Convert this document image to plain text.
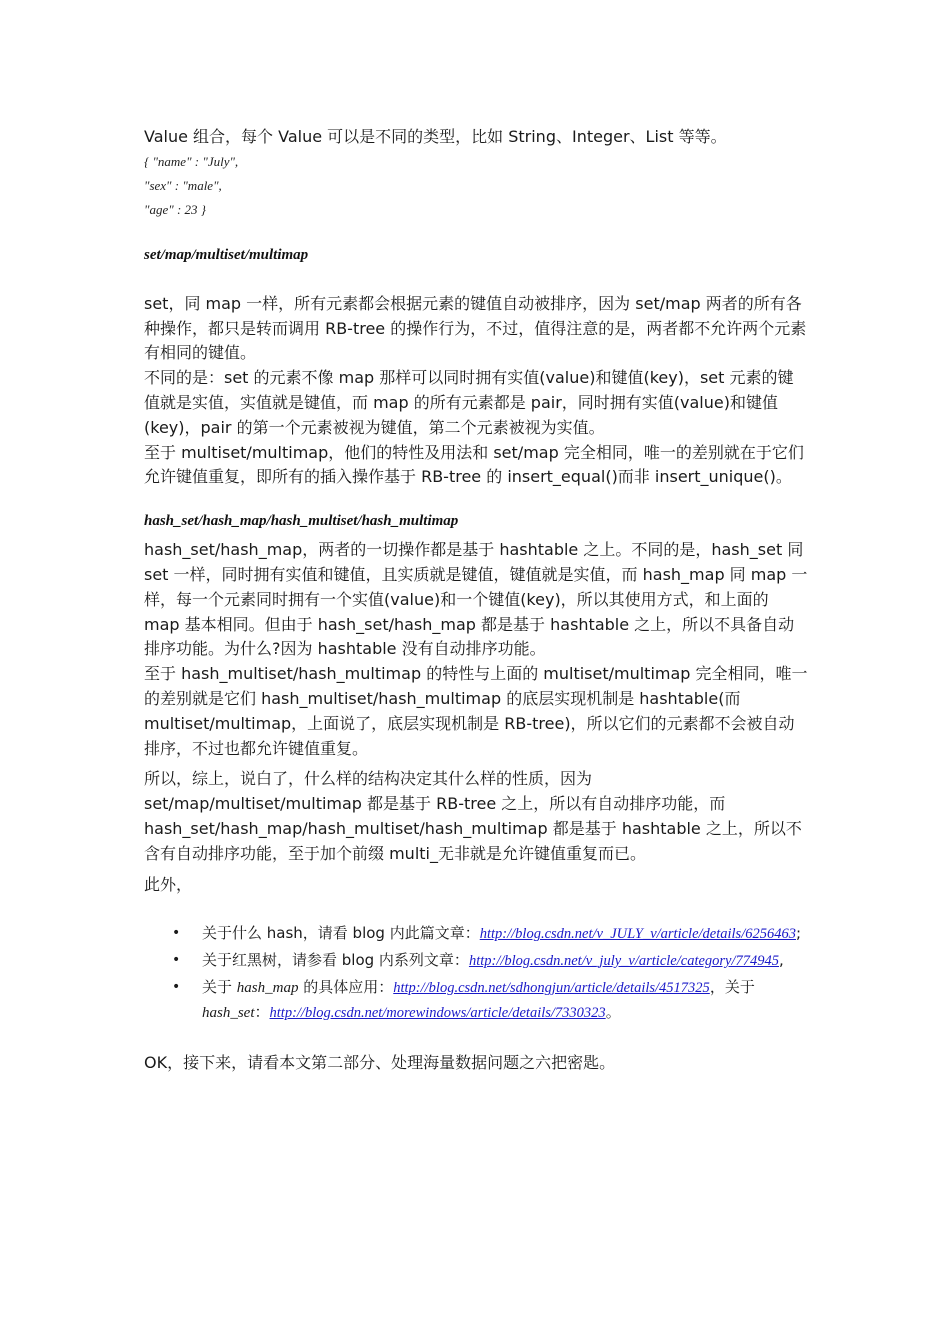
Value 组合，每个 Value 可以是不同的类型，比如 String、Integer、List 等等。

{ "name" : "July",
"sex" : "male",
"age" : 23 }
set/map/multiset/multimap

set，同 map 一样，所有元素都会根据元素的键值自动被排序，因为 set/map 两者的所有各种操作，都只是转而调用 RB-tree 的操作行为，不过，值得注意的是，两者都不允许两个元素有相同的键值。

不同的是：set 的元素不像 map 那样可以同时拥有实值(value)和键值(key)，set 元素的键值就是实值，实值就是键值，而 map 的所有元素都是 pair，同时拥有实值(value)和键值(key)，pair 的第一个元素被视为键值，第二个元素被视为实值。

至于 multiset/multimap，他们的特性及用法和 set/map 完全相同，唯一的差别就在于它们允许键值重复，即所有的插入操作基于 RB-tree 的 insert_equal()而非 insert_unique()。

hash_set/hash_map/hash_multiset/hash_multimap

hash_set/hash_map，两者的一切操作都是基于 hashtable 之上。不同的是，hash_set 同 set 一样，同时拥有实值和键值，且实质就是键值，键值就是实值，而 hash_map 同 map 一样，每一个元素同时拥有一个实值(value)和一个键值(key)，所以其使用方式，和上面的 map 基本相同。但由于 hash_set/hash_map 都是基于 hashtable 之上，所以不具备自动排序功能。为什么?因为 hashtable 没有自动排序功能。

至于 hash_multiset/hash_multimap 的特性与上面的 multiset/multimap 完全相同，唯一的差别就是它们 hash_multiset/hash_multimap 的底层实现机制是 hashtable(而 multiset/multimap，上面说了，底层实现机制是 RB-tree)，所以它们的元素都不会被自动排序，不过也都允许键值重复。

所以，综上，说白了，什么样的结构决定其什么样的性质，因为 set/map/multiset/multimap 都是基于 RB-tree 之上，所以有自动排序功能，而 hash_set/hash_map/hash_multiset/hash_multimap 都是基于 hashtable 之上，所以不含有自动排序功能，至于加个前缀 multi_无非就是允许键值重复而已。

此外，

• 关于什么 hash，请看 blog 内此篇文章：http://blog.csdn.net/v_JULY_v/article/details/6256463;
• 关于红黑树，请参看 blog 内系列文章：http://blog.csdn.net/v_july_v/article/category/774945,
• 关于 hash_map 的具体应用：http://blog.csdn.net/sdhongjun/article/details/4517325，关于 hash_set：http://blog.csdn.net/morewindows/article/details/7330323。

OK，接下来，请看本文第二部分、处理海量数据问题之六把密匙。
